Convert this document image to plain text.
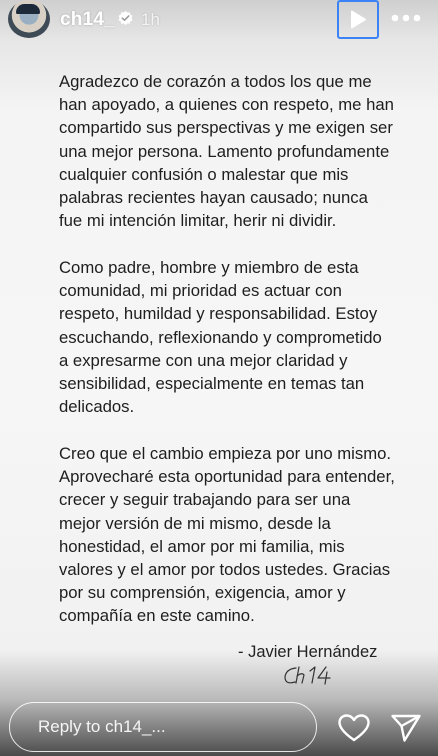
ch14_ 1h

Agradezco de corazón a todos los que me han apoyado, a quienes con respeto, me han compartido sus perspectivas y me exigen ser una mejor persona. Lamento profundamente cualquier confusión o malestar que mis palabras recientes hayan causado; nunca fue mi intención limitar, herir ni dividir.

Como padre, hombre y miembro de esta comunidad, mi prioridad es actuar con respeto, humildad y responsabilidad. Estoy escuchando, reflexionando y comprometido a expresarme con una mejor claridad y sensibilidad, especialmente en temas tan delicados.

Creo que el cambio empieza por uno mismo. Aprovecharé esta oportunidad para entender, crecer y seguir trabajando para ser una mejor versión de mi mismo, desde la honestidad, el amor por mi familia, mis valores y el amor por todos ustedes. Gracias por su comprensión, exigencia, amor y compañía en este camino.

- Javier Hernández
Reply to ch14_...
